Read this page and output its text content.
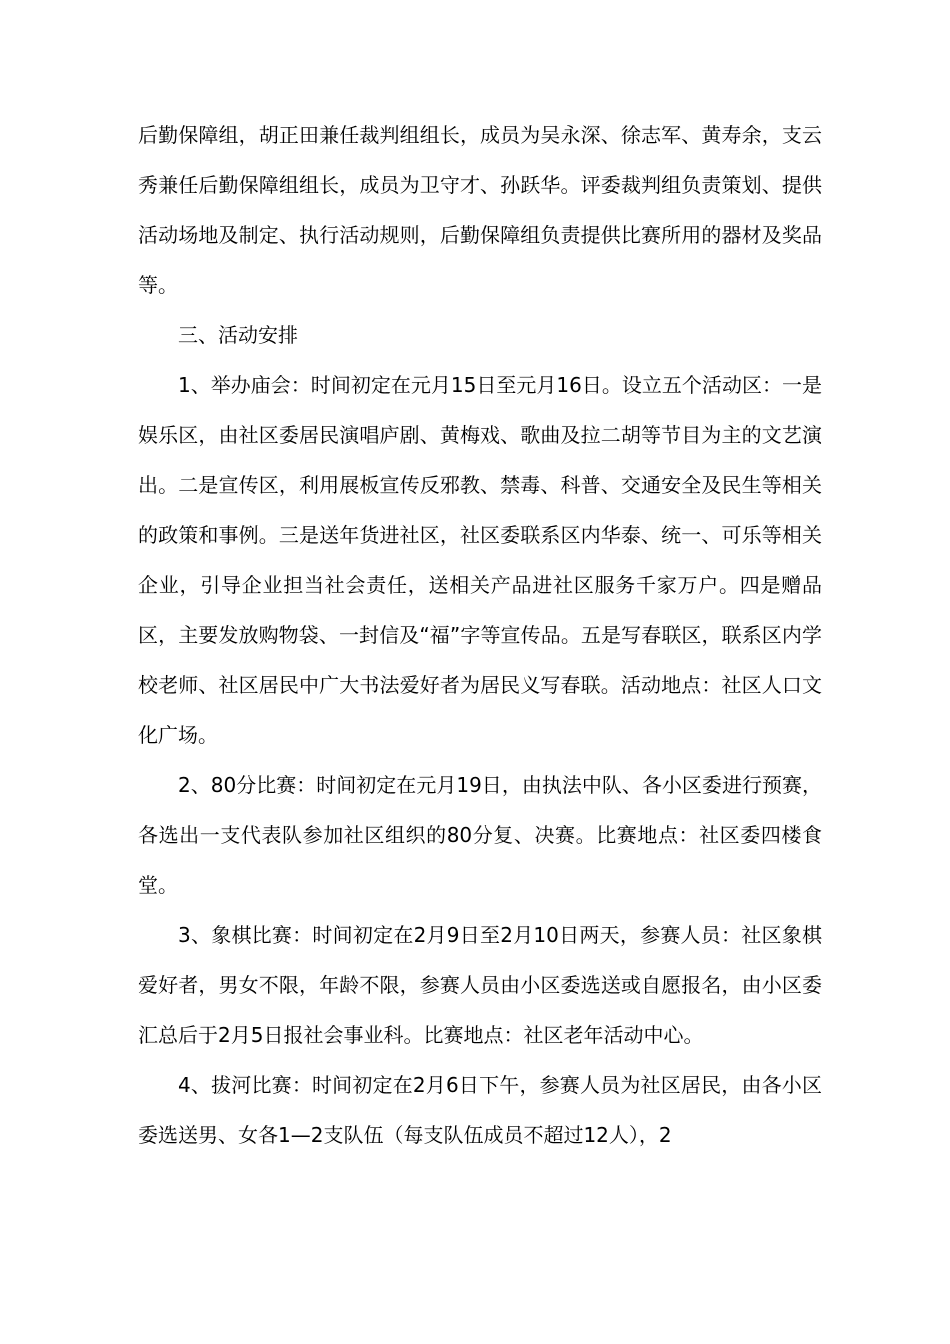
后勤保障组，胡正田兼任裁判组组长，成员为吴永深、徐志军、黄寿余，支云秀兼任后勤保障组组长，成员为卫守才、孙跃华。评委裁判组负责策划、提供活动场地及制定、执行活动规则，后勤保障组负责提供比赛所用的器材及奖品等。

三、活动安排

1、举办庙会：时间初定在元月15日至元月16日。设立五个活动区：一是娱乐区，由社区委居民演唱庐剧、黄梅戏、歌曲及拉二胡等节目为主的文艺演出。二是宣传区，利用展板宣传反邪教、禁毒、科普、交通安全及民生等相关的政策和事例。三是送年货进社区，社区委联系区内华泰、统一、可乐等相关企业，引导企业担当社会责任，送相关产品进社区服务千家万户。四是赠品区，主要发放购物袋、一封信及“福”字等宣传品。五是写春联区，联系区内学校老师、社区居民中广大书法爱好者为居民义写春联。活动地点：社区人口文化广场。

2、80分比赛：时间初定在元月19日，由执法中队、各小区委进行预赛，各选出一支代表队参加社区组织的80分复、决赛。比赛地点：社区委四楼食堂。

3、象棋比赛：时间初定在2月9日至2月10日两天，参赛人员：社区象棋爱好者，男女不限，年龄不限，参赛人员由小区委选送或自愿报名，由小区委汇总后于2月5日报社会事业科。比赛地点：社区老年活动中心。

4、拔河比赛：时间初定在2月6日下午，参赛人员为社区居民，由各小区委选送男、女各1—2支队伍（每支队伍成员不超过12人），2
